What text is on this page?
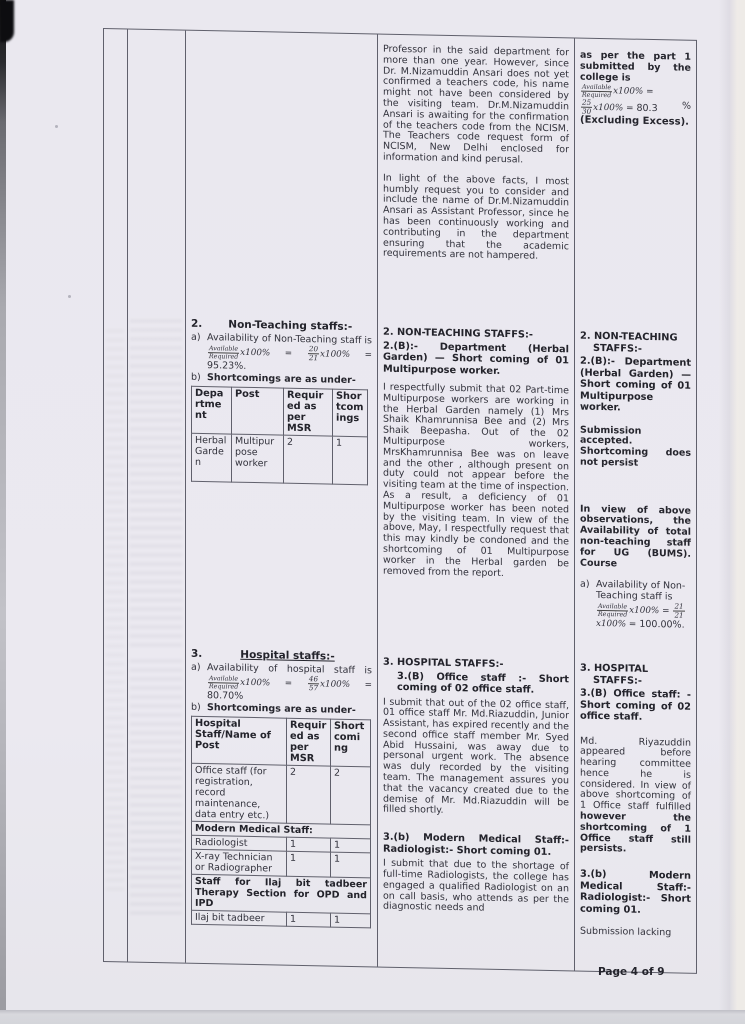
2. Non-Teaching staffs:-
a) Availability of Non-Teaching staff is
$\frac{\text{Available}}{\text{Required}} x100\% = \frac{20}{21} x100\% = 95.23\%$.
b) Shortcomings are as under-
Department	Post	Required as per MSR	Shortcomings
Herbal Garden	Multipurpose worker	2	1
3.	Hospital staffs:-
a) Availability of hospital staff is
$\frac{\text{Available}}{\text{Required}} x100\% = \frac{46}{57} x100\% = 80.70\%$
b) Shortcomings are as under-
Hospital Staff/Name of Post	Required as per MSR	Shortcoming
Office staff (for registration, record maintenance, data entry etc.)	2	2
Modern Medical Staff:		
Radiologist	1	1
X-ray Technician or Radiographer	1	1
Staff for Ilaj bit tadbeer Therapy Section for OPD and IPD		
Ilaj bit tadbeer	1	1

Professor in the said department for more than one year. However, since Dr. M.Nizamuddin Ansari does not yet confirmed a teachers code, his name might not have been considered by the visiting team. Dr.M.Nizamuddin Ansari is awaiting for the confirmation of the teachers code from the NCISM. The Teachers code request form of NCISM, New Delhi enclosed for information and kind perusal.

In light of the above facts, I most humbly request you to consider and include the name of Dr.M.Nizamuddin Ansari as Assistant Professor, since he has been continuously working and contributing in the department ensuring that the academic requirements are not hampered.

2. NON-TEACHING STAFFS:-
2.(B):- Department (Herbal Garden) — Short coming of 01 Multipurpose worker.

I respectfully submit that 02 Part-time Multipurpose workers are working in the Herbal Garden namely (1) Mrs Shaik Khamrunnisa Bee and (2) Mrs Shaik Beepasha. Out of the 02 Multipurpose workers, MrsKhamrunnisa Bee was on leave and the other , although present on duty could not appear before the visiting team at the time of inspection. As a result, a deficiency of 01 Multipurpose worker has been noted by the visiting team. In view of the above, May, I respectfully request that this may kindly be condoned and the shortcoming of 01 Multipurpose worker in the Herbal garden be removed from the report.

3. HOSPITAL STAFFS:-
3.(B) Office staff :- Short coming of 02 office staff.

I submit that out of the 02 office staff, 01 office staff Mr. Md.Riazuddin, Junior Assistant, has expired recently and the second office staff member Mr. Syed Abid Hussaini, was away due to personal urgent work. The absence was duly recorded by the visiting team. The management assures you that the vacancy created due to the demise of Mr. Md.Riazuddin will be filled shortly.

3.(b) Modern Medical Staff:- Radiologist:- Short coming 01.

I submit that due to the shortage of full-time Radiologists, the college has engaged a qualified Radiologist on an on call basis, who attends as per the diagnostic needs and

as per the part 1 submitted by the college is

$\frac{\text{Available}}{\text{Required}} x100\%$ =

$\frac{25}{30} x100\% = 80.3$	%

(Excluding Excess).

2. NON-TEACHING STAFFS:-
2.(B):- Department (Herbal Garden) — Short coming of 01 Multipurpose worker.

Submission accepted. Shortcoming does not persist

In view of above observations, the Availability of total non-teaching staff for UG (BUMS). Course

a) Availability of Non-Teaching staff is
$\frac{\text{Available}}{\text{Required}} x100\% = \frac{21}{21}$
x100% = 100.00%.
3. HOSPITAL STAFFS:-
3.(B) Office staff: - Short coming of 02 office staff.

Md. Riyazuddin appeared before hearing committee hence he is considered. In view of above shortcoming of 1 Office staff fulfilled however the shortcoming of 1 Office staff still persists.

3.(b) Modern Medical Staff:- Radiologist:- Short coming 01.

Submission lacking

Page 4 of 9
